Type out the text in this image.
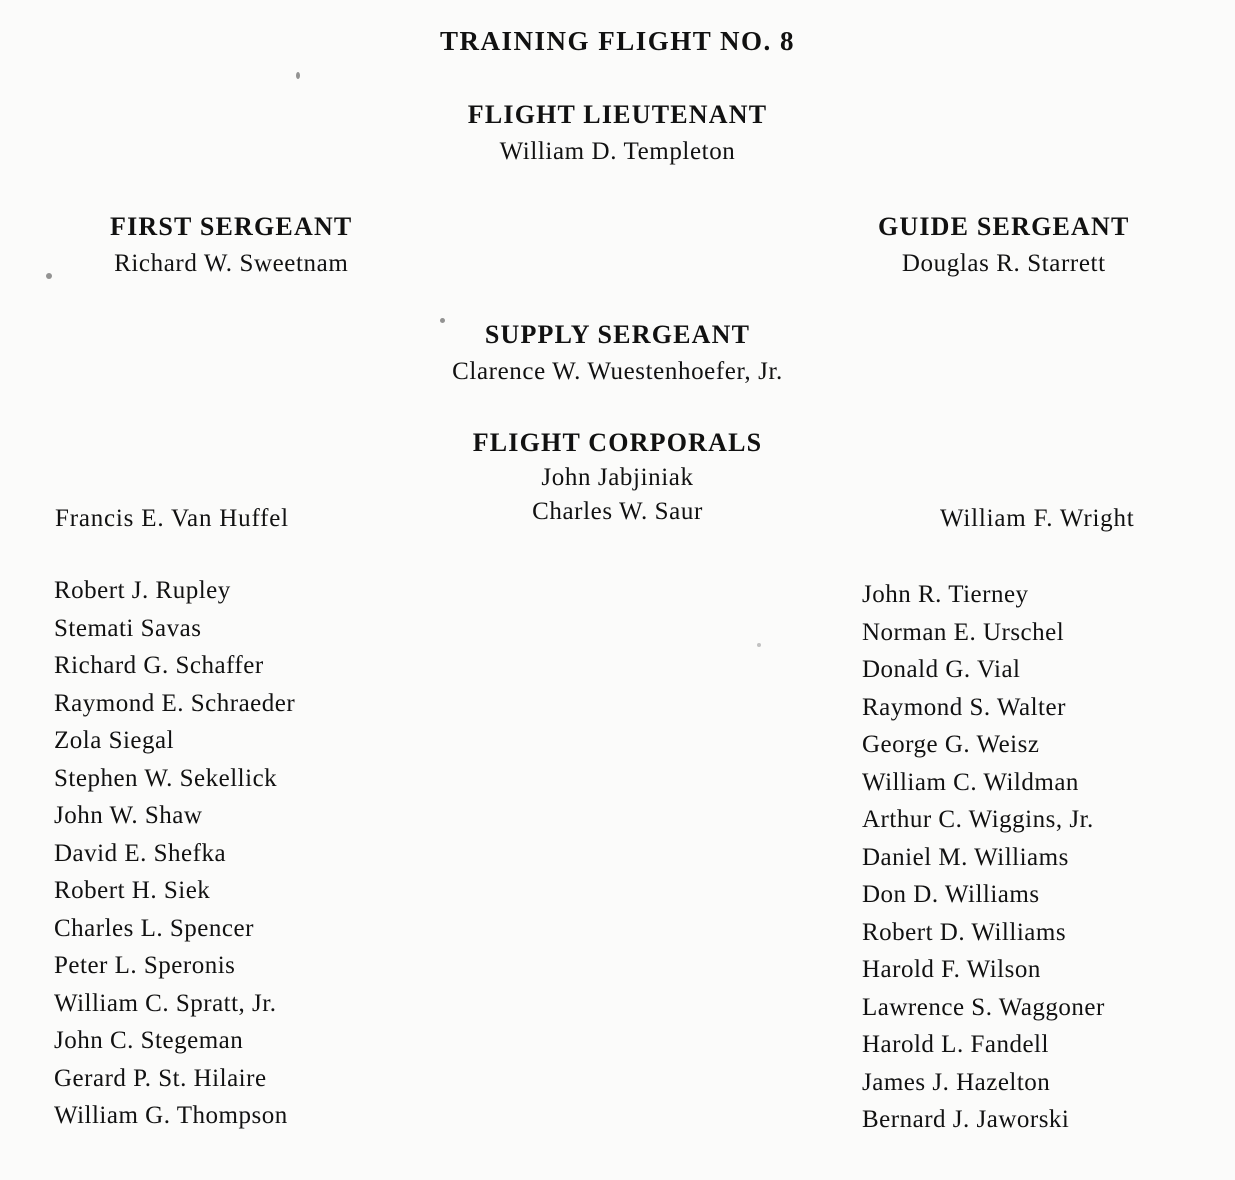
TRAINING FLIGHT NO. 8
FLIGHT LIEUTENANT
William D. Templeton
FIRST SERGEANT
Richard W. Sweetnam
GUIDE SERGEANT
Douglas R. Starrett
SUPPLY SERGEANT
Clarence W. Wuestenhoefer, Jr.
FLIGHT CORPORALS
John Jabjiniak
Charles W. Saur
Francis E. Van Huffel	William F. Wright
Robert J. Rupley
Stemati Savas
Richard G. Schaffer
Raymond E. Schraeder
Zola Siegal
Stephen W. Sekellick
John W. Shaw
David E. Shefka
Robert H. Siek
Charles L. Spencer
Peter L. Speronis
William C. Spratt, Jr.
John C. Stegeman
Gerard P. St. Hilaire
William G. Thompson
John R. Tierney
Norman E. Urschel
Donald G. Vial
Raymond S. Walter
George G. Weisz
William C. Wildman
Arthur C. Wiggins, Jr.
Daniel M. Williams
Don D. Williams
Robert D. Williams
Harold F. Wilson
Lawrence S. Waggoner
Harold L. Fandell
James J. Hazelton
Bernard J. Jaworski
